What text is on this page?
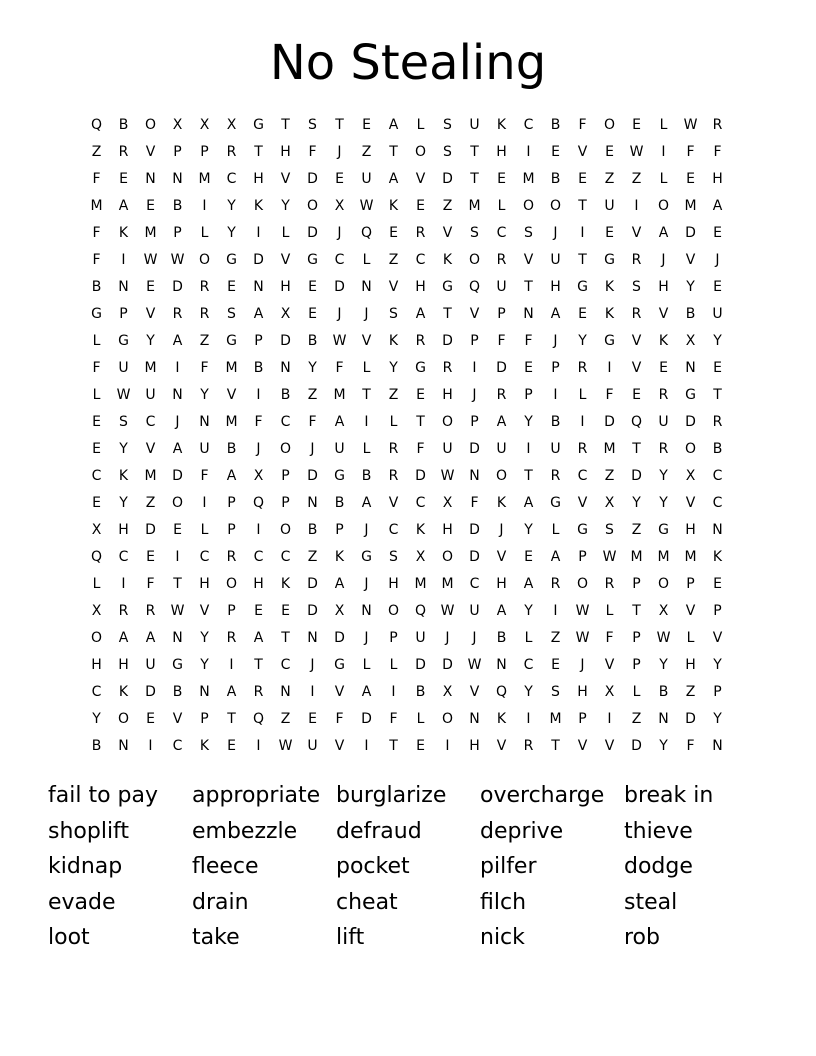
No Stealing
Q	B	O	X	X	X	G	T	S	T	E	A	L	S	U	K	C	B	F	O	E	L	W	R
Z	R	V	P	P	R	T	H	F	J	Z	T	O	S	T	H	I	E	V	E	W	I	F	F
F	E	N	N	M	C	H	V	D	E	U	A	V	D	T	E	M	B	E	Z	Z	L	E	H
M	A	E	B	I	Y	K	Y	O	X	W	K	E	Z	M	L	O	O	T	U	I	O	M	A
F	K	M	P	L	Y	I	L	D	J	Q	E	R	V	S	C	S	J	I	E	V	A	D	E
F	I	W W	O	G	D	V	G	C	L	Z	C	K	O	R	V	U	T	G	R	J	V	J
B	N	E	D	R	E	N	H	E	D	N	V	H	G	Q	U	T	H	G	K	S	H	Y	E
G	P	V	R	R	S	A	X	E	J	J	S	A	T	V	P	N	A	E	K	R	V	B	U
L	G	Y	A	Z	G	P	D	B	W	V	K	R	D	P	F	F	J	Y	G	V	K	X	Y
F	U	M	I	F	M	B	N	Y	F	L	Y	G	R	I	D	E	P	R	I	V	E	N	E
L	W	U	N	Y	V	I	B	Z	M	T	Z	E	H	J	R	P	I	L	F	E	R	G	T
E	S	C	J	N	M	F	C	F	A	I	L	T	O	P	A	Y	B	I	D	Q	U	D	R
E	Y	V	A	U	B	J	O	J	U	L	R	F	U	D	U	I	U	R	M	T	R	O	B
C	K	M	D	F	A	X	P	D	G	B	R	D	W	N	O	T	R	C	Z	D	Y	X	C
E	Y	Z	O	I	P	Q	P	N	B	A	V	C	X	F	K	A	G	V	X	Y	Y	V	C
X	H	D	E	L	P	I	O	B	P	J	C	K	H	D	J	Y	L	G	S	Z	G	H	N
Q	C	E	I	C	R	C	C	Z	K	G	S	X	O	D	V	E	A	P	W	M	M	M	K
L	I	F	T	H	O	H	K	D	A	J	H	M	M	C	H	A	R	O	R	P	O	P	E
X	R	R	W	V	P	E	E	D	X	N	O	Q	W	U	A	Y	I	W	L	T	X	V	P
O	A	A	N	Y	R	A	T	N	D	J	P	U	J	J	B	L	Z	W	F	P	W	L	V
H	H	U	G	Y	I	T	C	J	G	L	L	D	D	W	N	C	E	J	V	P	Y	H	Y
C	K	D	B	N	A	R	N	I	V	A	I	B	X	V	Q	Y	S	H	X	L	B	Z	P
Y	O	E	V	P	T	Q	Z	E	F	D	F	L	O	N	K	I	M	P	I	Z	N	D	Y
B	N	I	C	K	E	I	W	U	V	I	T	E	I	H	V	R	T	V	V	D	Y	F	N
fail to pay	appropriate burglarize	overcharge break in
shoplift	embezzle	defraud	deprive	thieve
kidnap	fleece	pocket	pilfer	dodge
evade	drain	cheat	filch	steal
loot	take	lift	nick	rob
